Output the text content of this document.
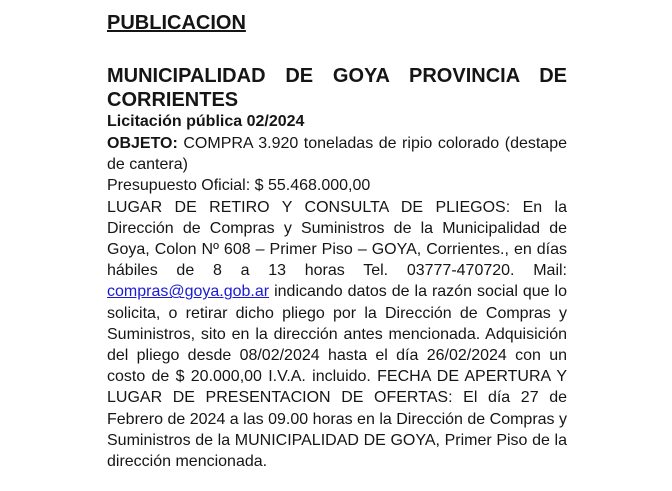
PUBLICACION
MUNICIPALIDAD DE GOYA PROVINCIA DE
CORRIENTES
Licitación pública 02/2024

OBJETO: COMPRA 3.920 toneladas de ripio colorado (destape de cantera)

Presupuesto Oficial: $ 55.468.000,00

LUGAR DE RETIRO Y CONSULTA DE PLIEGOS: En la Dirección de Compras y Suministros de la Municipalidad de Goya, Colon Nº 608 – Primer Piso – GOYA, Corrientes., en días hábiles de 8 a 13 horas Tel. 03777-470720. Mail: compras@goya.gob.ar indicando datos de la razón social que lo solicita, o retirar dicho pliego por la Dirección de Compras y Suministros, sito en la dirección antes mencionada. Adquisición del pliego desde 08/02/2024 hasta el día 26/02/2024 con un costo de $ 20.000,00 I.V.A. incluido. FECHA DE APERTURA Y LUGAR DE PRESENTACION DE OFERTAS: El día 27 de Febrero de 2024 a las 09.00 horas en la Dirección de Compras y Suministros de la MUNICIPALIDAD DE GOYA, Primer Piso de la dirección mencionada.
